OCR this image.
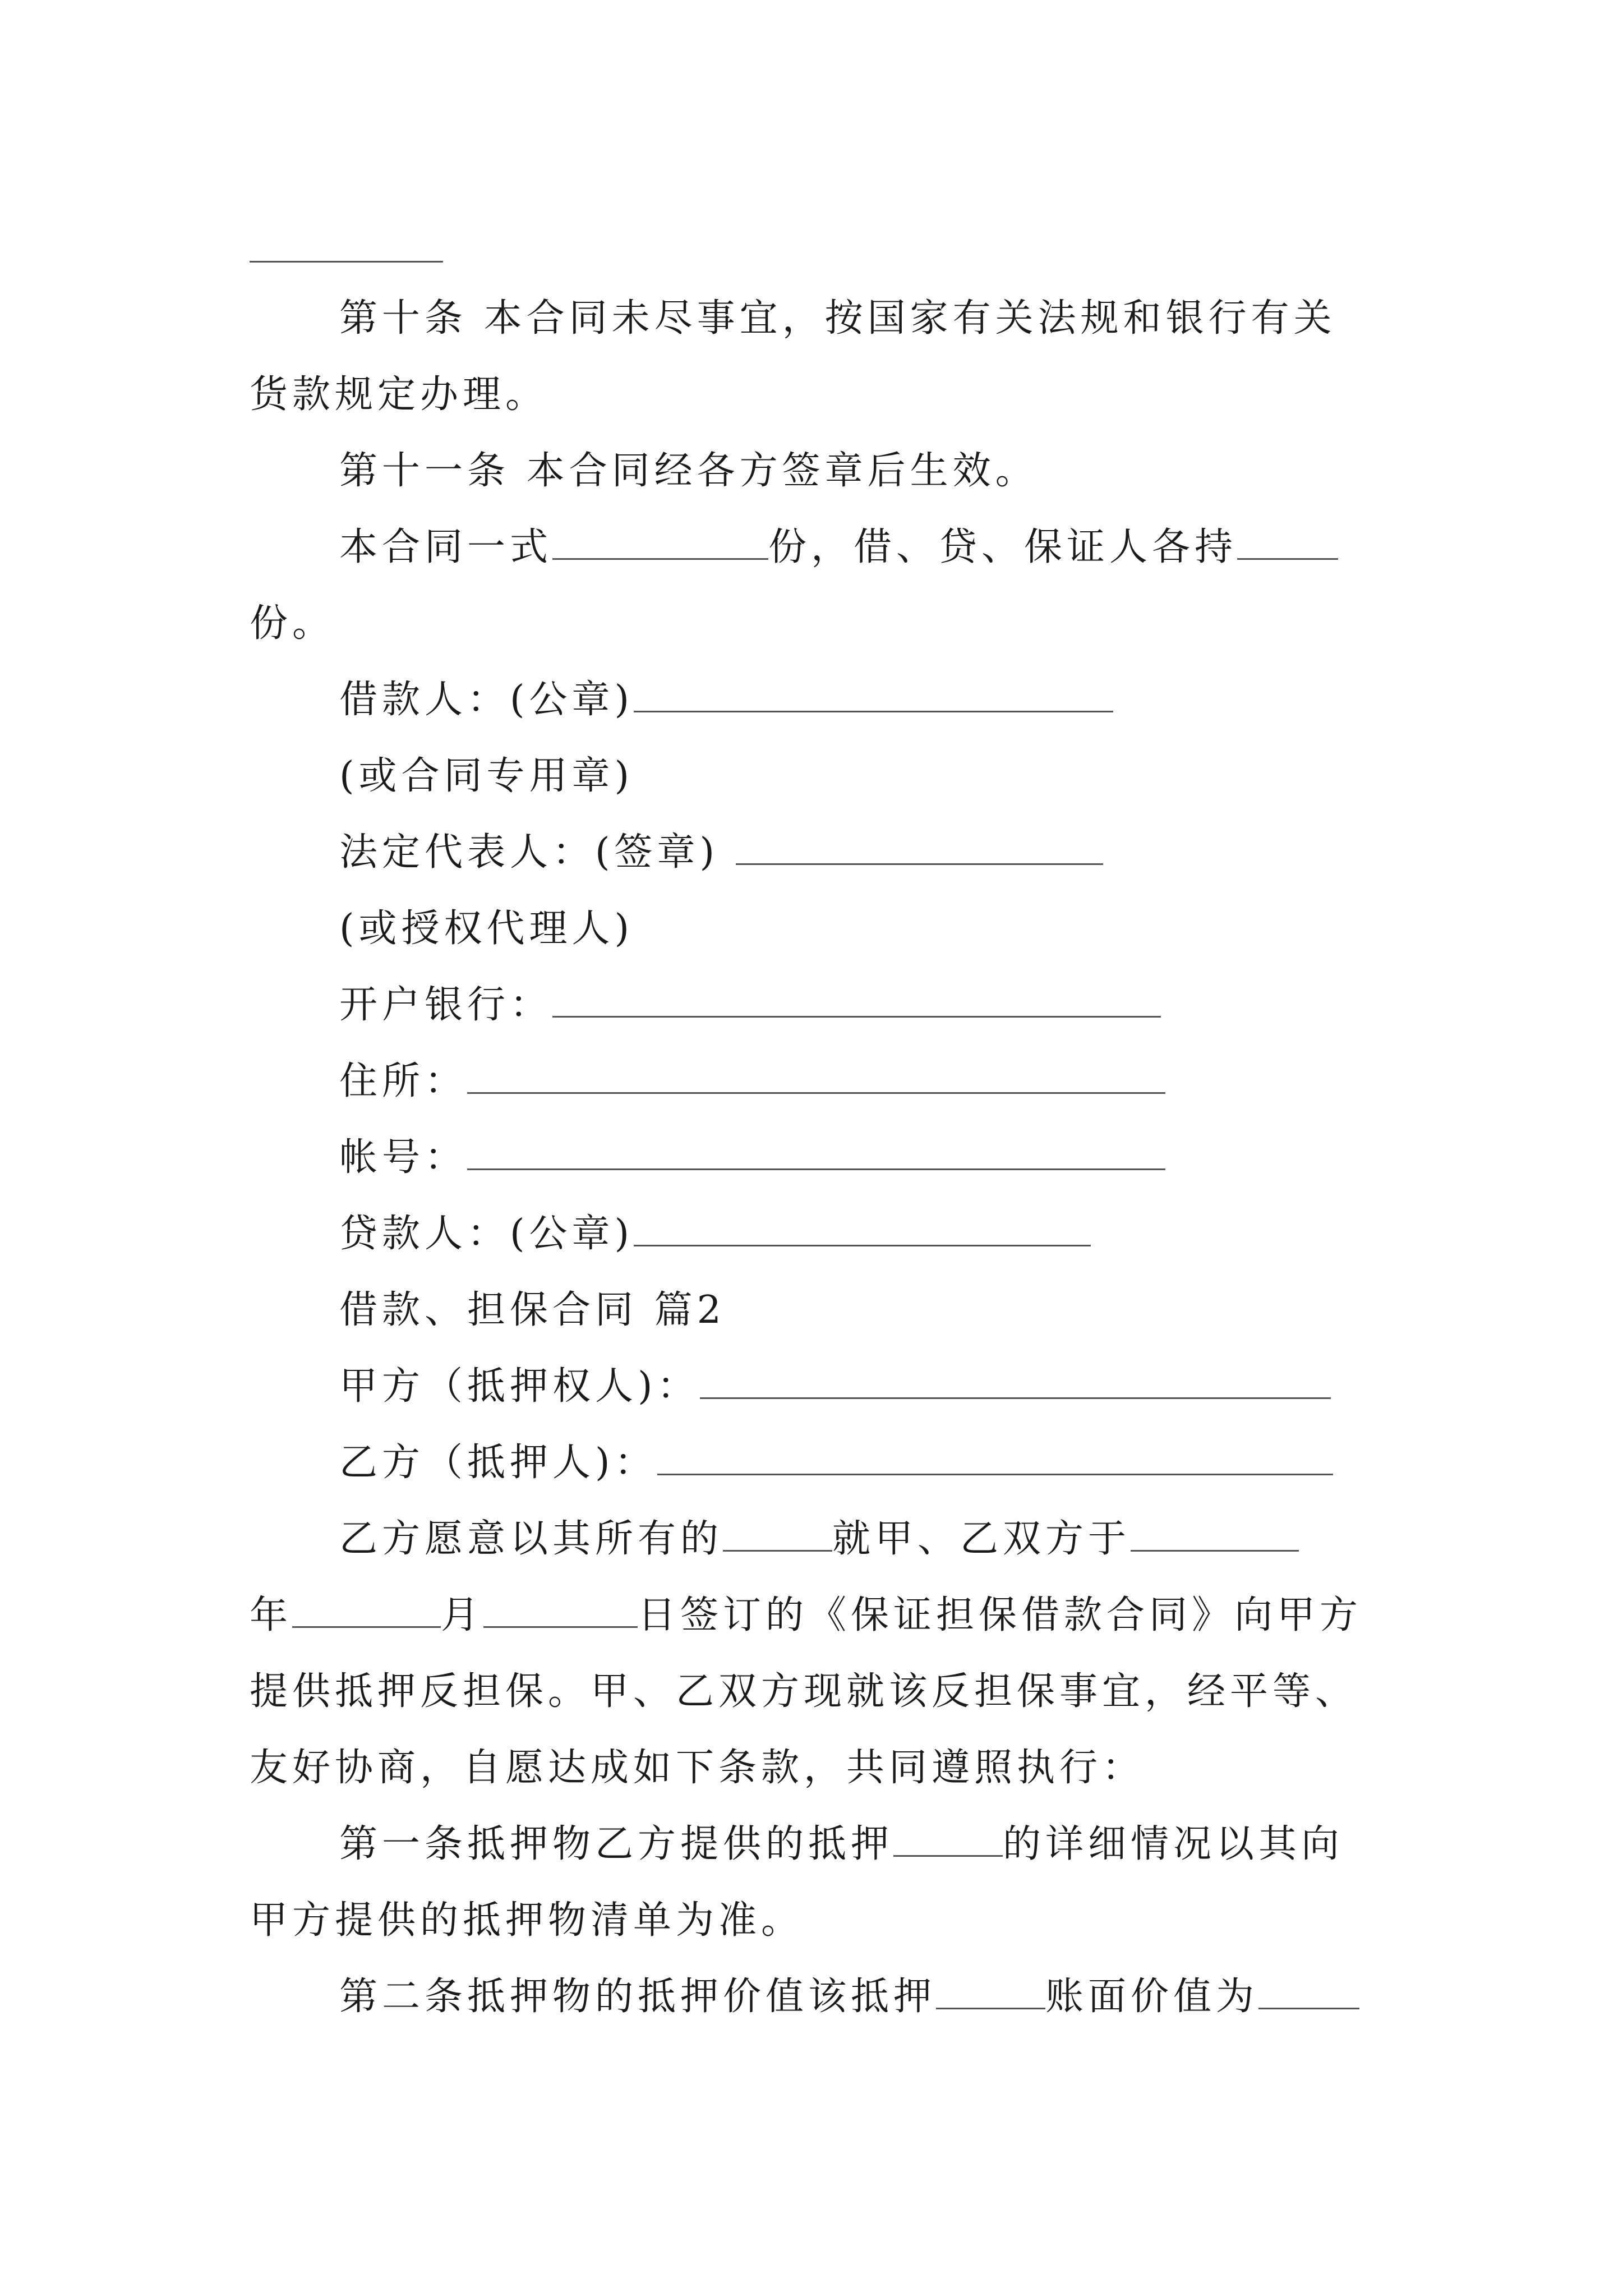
第十条 本合同未尽事宜，按国家有关法规和银行有关
货款规定办理。
第十一条 本合同经各方签章后生效。
本合同一式	份，借、贷、保证人各持
份。
借款人：(公章)
(或合同专用章)
法定代表人：(签章)
(或授权代理人)
开户银行：
住所：
帐号：
贷款人：(公章)
借款、担保合同 篇2
甲方（抵押权人)：
乙方（抵押人)：
乙方愿意以其所有的	就甲、乙双方于
年	月	日签订的《保证担保借款合同》向甲方
提供抵押反担保。甲、乙双方现就该反担保事宜，经平等、
友好协商，自愿达成如下条款，共同遵照执行：
第一条抵押物乙方提供的抵押	的详细情况以其向
甲方提供的抵押物清单为准。
第二条抵押物的抵押价值该抵押	账面价值为
